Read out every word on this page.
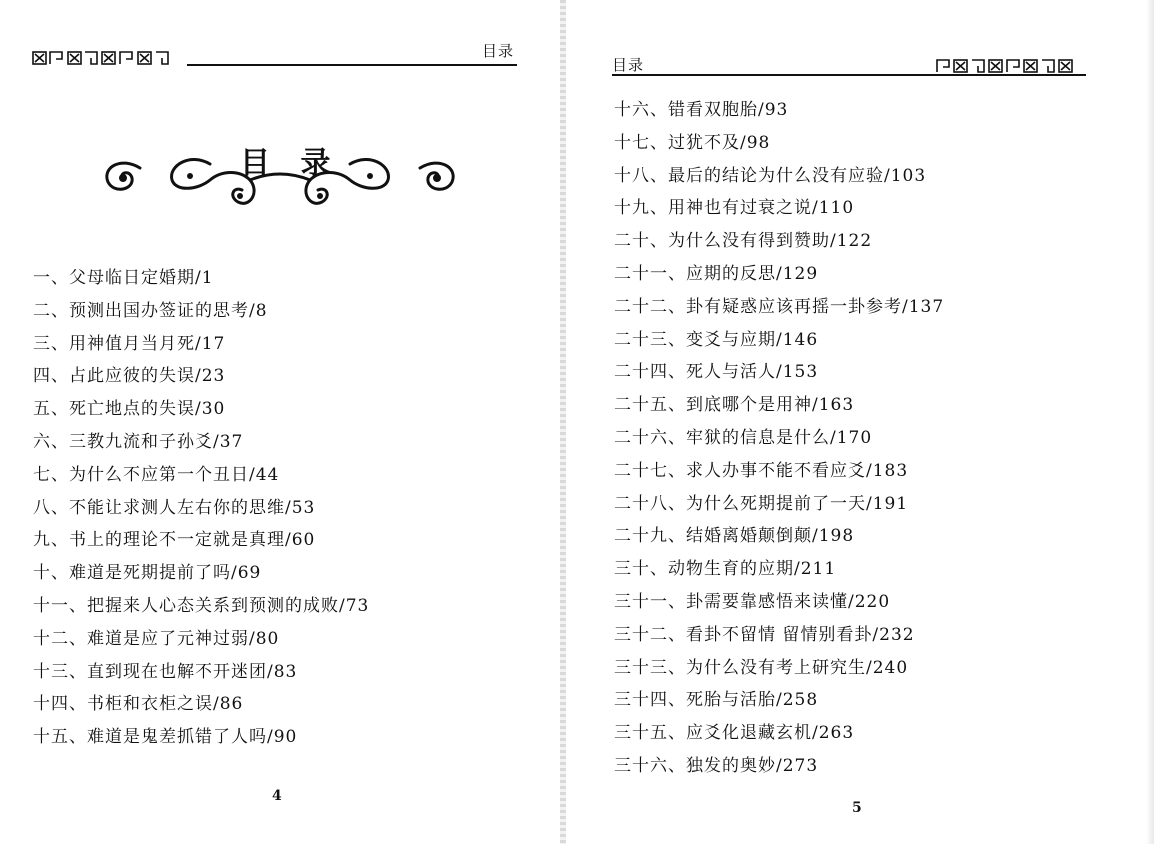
目录
目 录
一、父母临日定婚期/1
二、预测出国办签证的思考/8
三、用神值月当月死/17
四、占此应彼的失误/23
五、死亡地点的失误/30
六、三教九流和子孙爻/37
七、为什么不应第一个丑日/44
八、不能让求测人左右你的思维/53
九、书上的理论不一定就是真理/60
十、难道是死期提前了吗/69
十一、把握来人心态关系到预测的成败/73
十二、难道是应了元神过弱/80
十三、直到现在也解不开迷团/83
十四、书柜和衣柜之误/86
十五、难道是鬼差抓错了人吗/90
4
目录
十六、错看双胞胎/93
十七、过犹不及/98
十八、最后的结论为什么没有应验/103
十九、用神也有过衰之说/110
二十、为什么没有得到赞助/122
二十一、应期的反思/129
二十二、卦有疑惑应该再摇一卦参考/137
二十三、变爻与应期/146
二十四、死人与活人/153
二十五、到底哪个是用神/163
二十六、牢狱的信息是什么/170
二十七、求人办事不能不看应爻/183
二十八、为什么死期提前了一天/191
二十九、结婚离婚颠倒颠/198
三十、动物生育的应期/211
三十一、卦需要靠感悟来读懂/220
三十二、看卦不留情 留情别看卦/232
三十三、为什么没有考上研究生/240
三十四、死胎与活胎/258
三十五、应爻化退藏玄机/263
三十六、独发的奥妙/273
5
